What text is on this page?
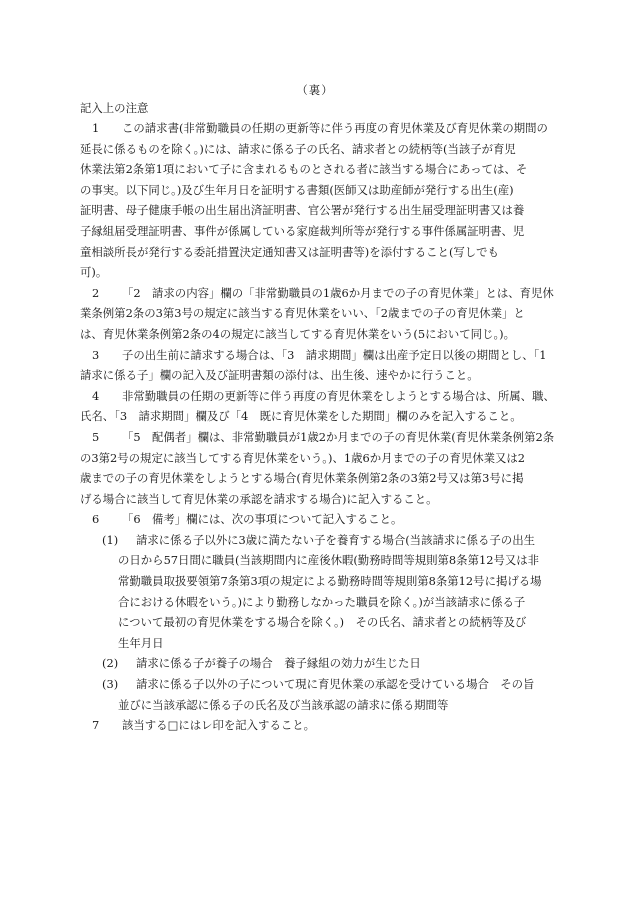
（裏）
記入上の注意
1 この請求書(非常勤職員の任期の更新等に伴う再度の育児休業及び育児休業の期間の
延長に係るものを除く。)には、請求に係る子の氏名、請求者との続柄等(当該子が育児
休業法第2条第1項において子に含まれるものとされる者に該当する場合にあっては、そ
の事実。以下同じ。)及び生年月日を証明する書類(医師又は助産師が発行する出生(産)
証明書、母子健康手帳の出生届出済証明書、官公署が発行する出生届受理証明書又は養
子縁組届受理証明書、事件が係属している家庭裁判所等が発行する事件係属証明書、児
童相談所長が発行する委託措置決定通知書又は証明書等)を添付すること(写しでも
可)。
2 「2　請求の内容」欄の「非常勤職員の1歳6か月までの子の育児休業」とは、育児休
業条例第2条の3第3号の規定に該当する育児休業をいい、「2歳までの子の育児休業」と
は、育児休業条例第2条の4の規定に該当してする育児休業をいう(5において同じ。)。
3 子の出生前に請求する場合は、「3　請求期間」欄は出産予定日以後の期間とし、「1
請求に係る子」欄の記入及び証明書類の添付は、出生後、速やかに行うこと。
4 非常勤職員の任期の更新等に伴う再度の育児休業をしようとする場合は、所属、職、
氏名、「3　請求期間」欄及び「4　既に育児休業をした期間」欄のみを記入すること。
5 「5　配偶者」欄は、非常勤職員が1歳2か月までの子の育児休業(育児休業条例第2条
の3第2号の規定に該当してする育児休業をいう。)、1歳6か月までの子の育児休業又は2
歳までの子の育児休業をしようとする場合(育児休業条例第2条の3第2号又は第3号に掲
げる場合に該当して育児休業の承認を請求する場合)に記入すること。
6 「6　備考」欄には、次の事項について記入すること。
(1) 請求に係る子以外に3歳に満たない子を養育する場合(当該請求に係る子の出生
の日から57日間に職員(当該期間内に産後休暇(勤務時間等規則第8条第12号又は非
常勤職員取扱要領第7条第3項の規定による勤務時間等規則第8条第12号に掲げる場
合における休暇をいう。)により勤務しなかった職員を除く。)が当該請求に係る子
について最初の育児休業をする場合を除く。)　その氏名、請求者との続柄等及び
生年月日
(2) 請求に係る子が養子の場合　養子縁組の効力が生じた日
(3) 請求に係る子以外の子について現に育児休業の承認を受けている場合　その旨
並びに当該承認に係る子の氏名及び当該承認の請求に係る期間等
7 該当する□にはレ印を記入すること。
